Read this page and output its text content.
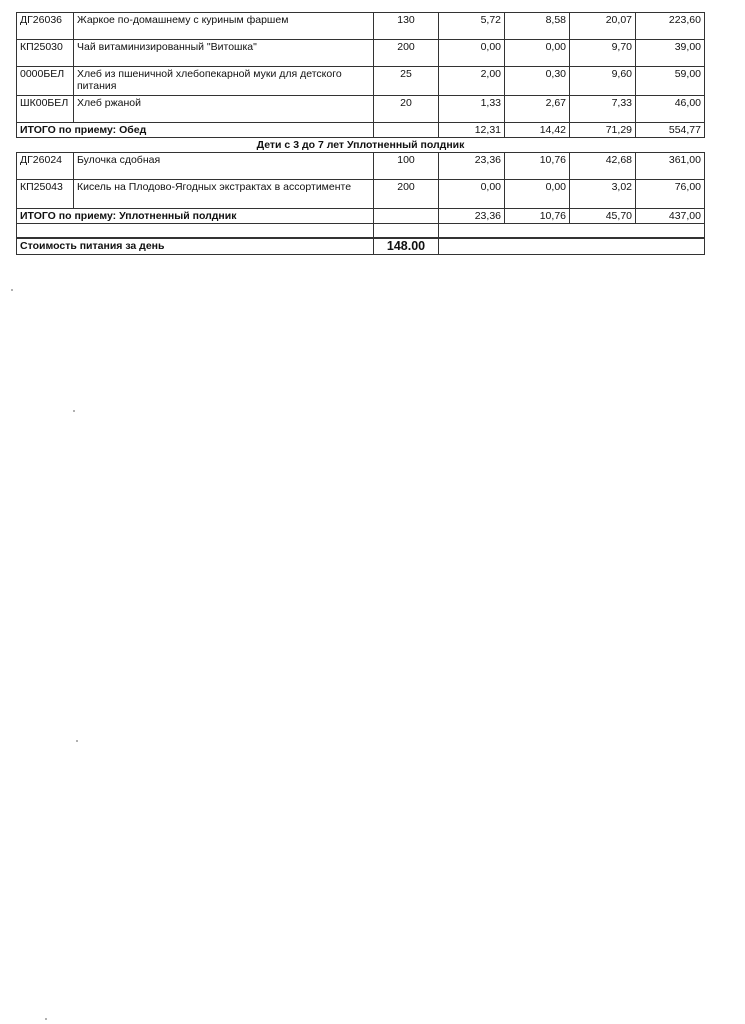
ДГ26036	Жаркое по-домашнему с куриным фаршем	130	5,72	8,58	20,07	223,60
КП25030	Чай витаминизированный "Витошка"	200	0,00	0,00	9,70	39,00
0000БЕЛ	Хлеб из пшеничной хлебопекарной муки для детского питания	25	2,00	0,30	9,60	59,00
ШК00БЕЛ	Хлеб ржаной	20	1,33	2,67	7,33	46,00
ИТОГО по приему: Обед			12,31	14,42	71,29	554,77
Дети с 3 до 7 лет Уплотненный полдник						
ДГ26024	Булочка сдобная	100	23,36	10,76	42,68	361,00
КП25043	Кисель на Плодово-Ягодных экстрактах в ассортименте	200	0,00	0,00	3,02	76,00
ИТОГО по приему: Уплотненный полдник			23,36	10,76	45,70	437,00

Стоимость питания за день		148.00				
